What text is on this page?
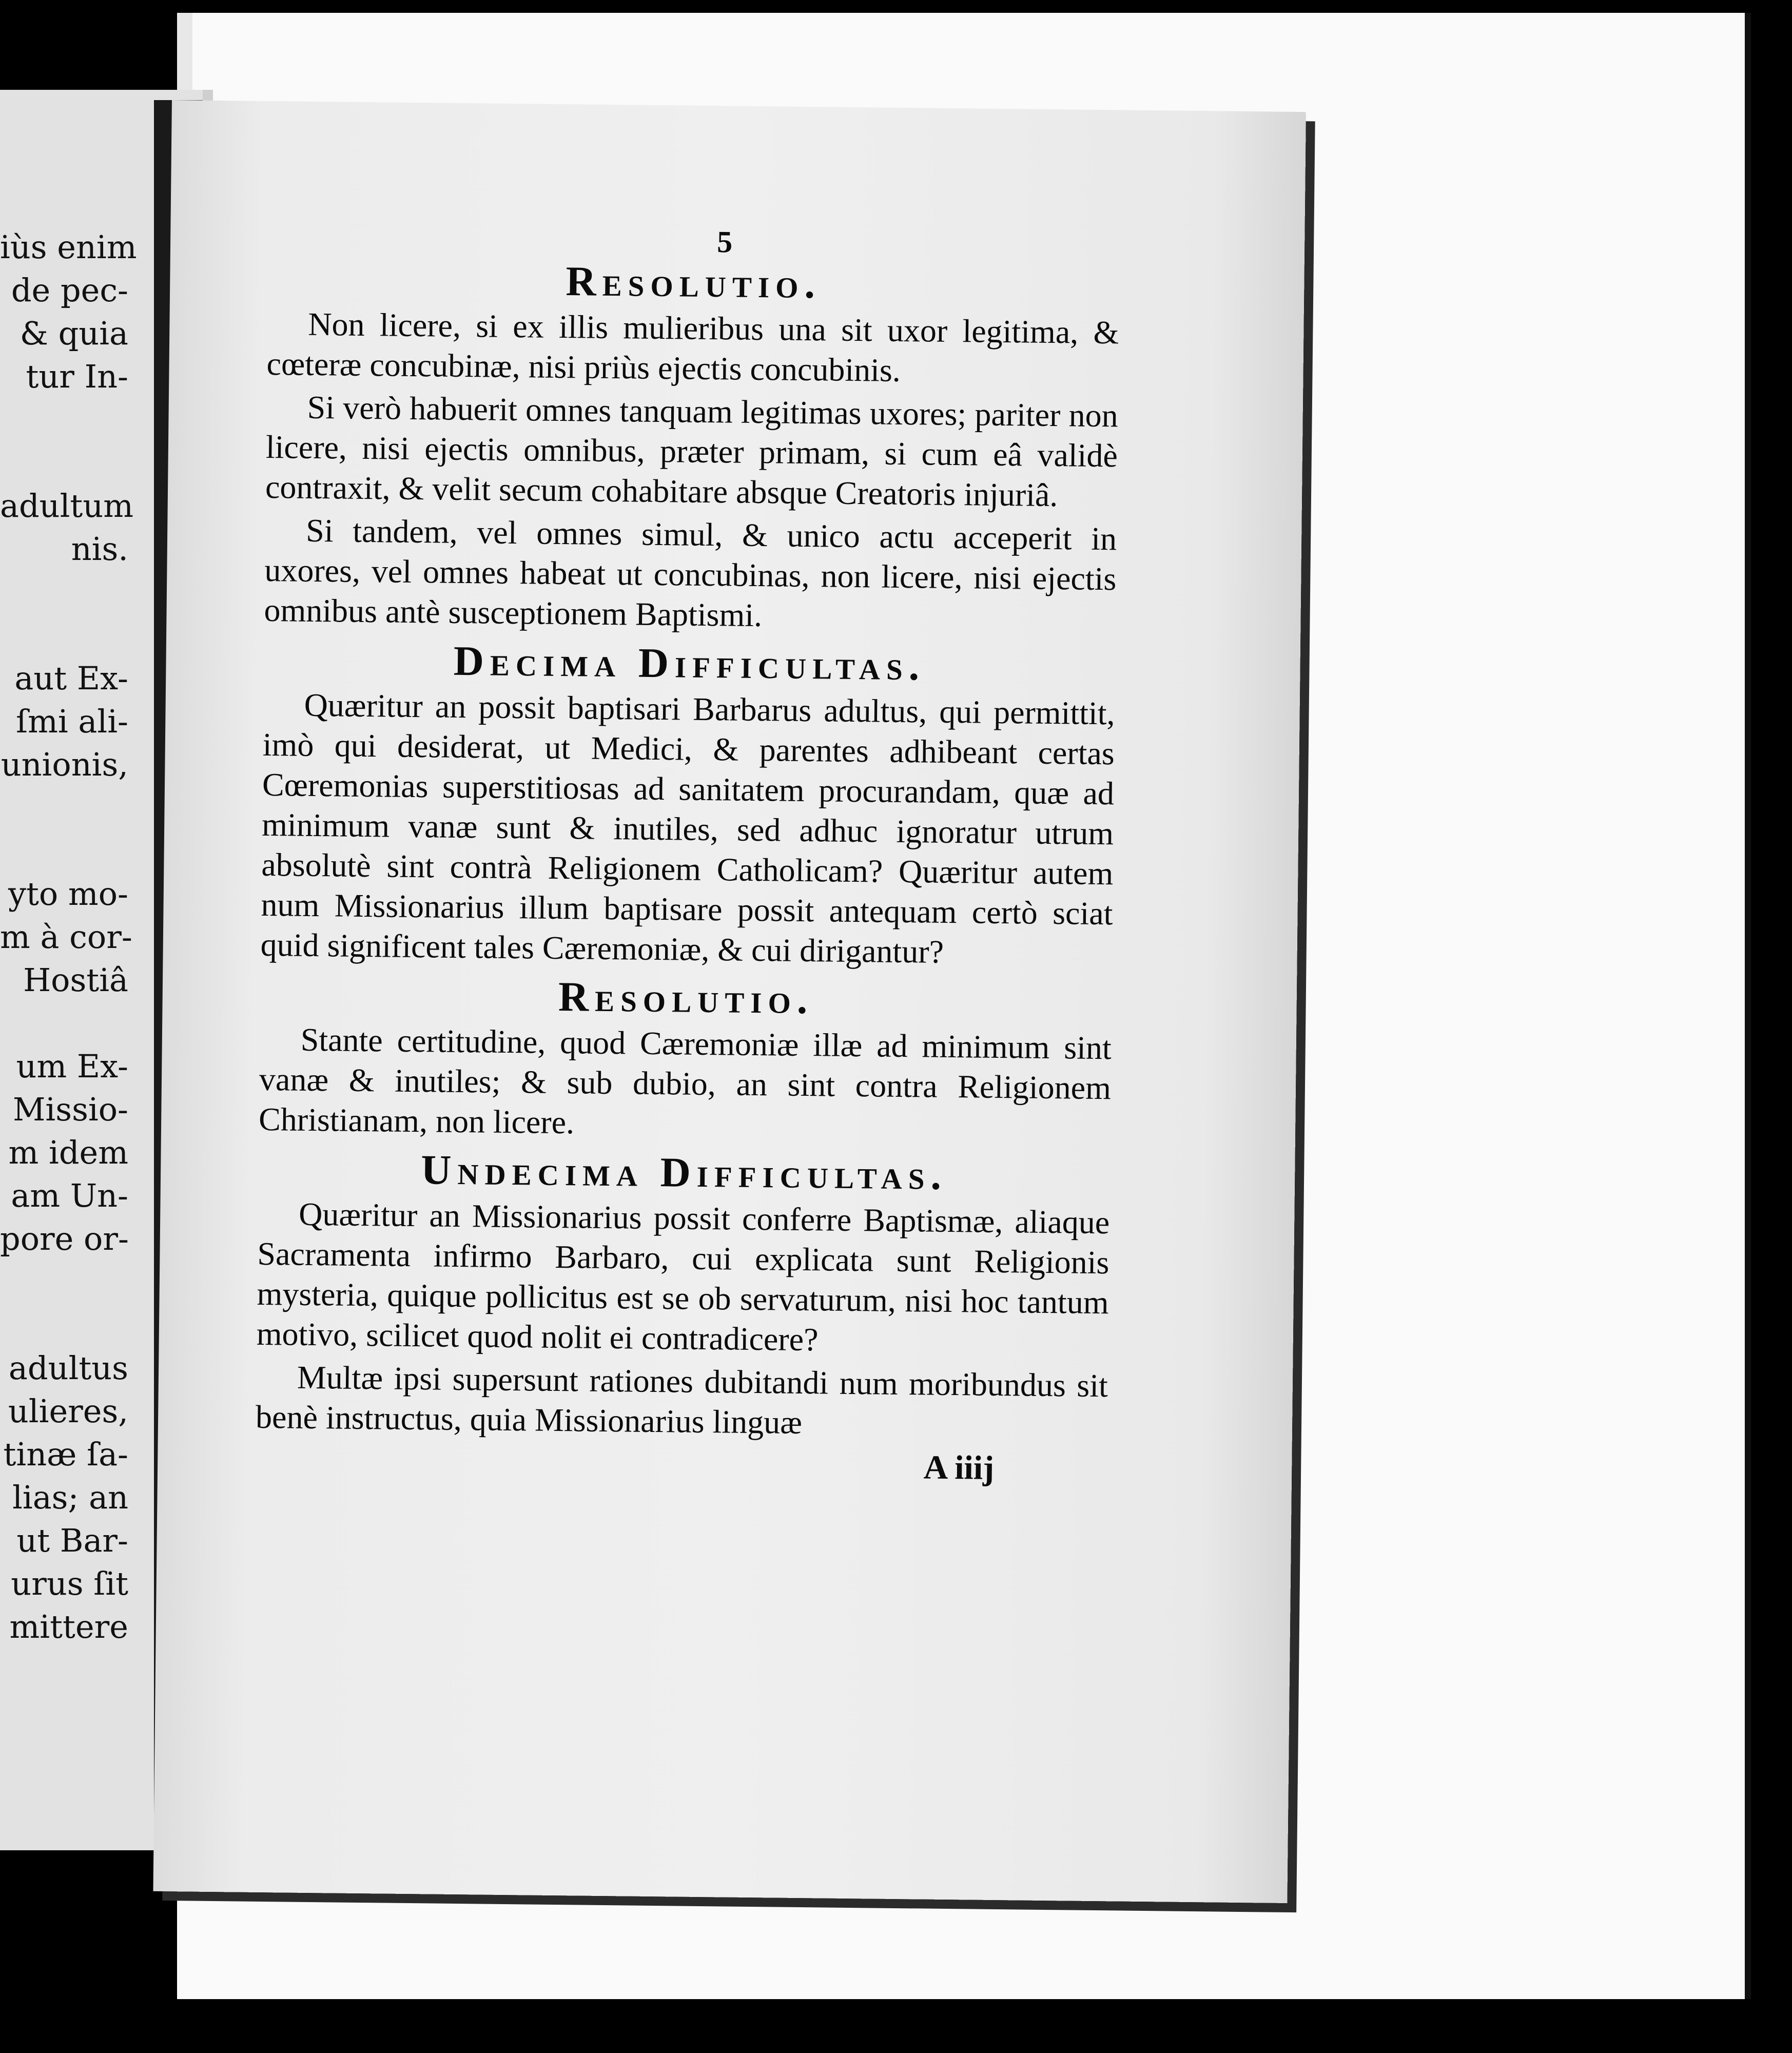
iùs enim
de pec-
& quia
tur In-
adultum
nis.
aut Ex-
ſmi ali-
unionis,
yto mo-
m à cor-
Hostiâ
um Ex-
Missio-
m idem
am Un-
pore or-
adultus
ulieres,
tinæ ſa-
lias; an
ut Bar-
urus ſit
mittere
5
Resolutio.

Non licere, si ex illis mulieribus una sit uxor legitima, & cœteræ concubinæ, nisi priùs ejectis concubinis.

Si verò habuerit omnes tanquam legitimas uxores; pariter non licere, nisi ejectis omnibus, præter primam, si cum eâ validè contraxit, & velit secum cohabitare absque Creatoris injuriâ.

Si tandem, vel omnes simul, & unico actu acceperit in uxores, vel omnes habeat ut concubinas, non licere, nisi ejectis omnibus antè susceptionem Baptismi.

Decima Difficultas.

Quæritur an possit baptisari Barbarus adultus, qui permittit, imò qui desiderat, ut Medici, & parentes adhibeant certas Cœremonias superstitiosas ad sanitatem procurandam, quæ ad minimum vanæ sunt & inutiles, sed adhuc ignoratur utrum absolutè sint contrà Religionem Catholicam? Quæritur autem num Missionarius illum baptisare possit antequam certò sciat quid significent tales Cæremoniæ, & cui dirigantur?

Resolutio.

Stante certitudine, quod Cæremoniæ illæ ad minimum sint vanæ & inutiles; & sub dubio, an sint contra Religionem Christianam, non licere.

Undecima Difficultas.

Quæritur an Missionarius possit conferre Baptismæ, aliaque Sacramenta infirmo Barbaro, cui explicata sunt Religionis mysteria, quique pollicitus est se ob servaturum, nisi hoc tantum motivo, scilicet quod nolit ei contradicere?

Multæ ipsi supersunt rationes dubitandi num moribundus sit benè instructus, quia Missionarius linguæ

A iiij
